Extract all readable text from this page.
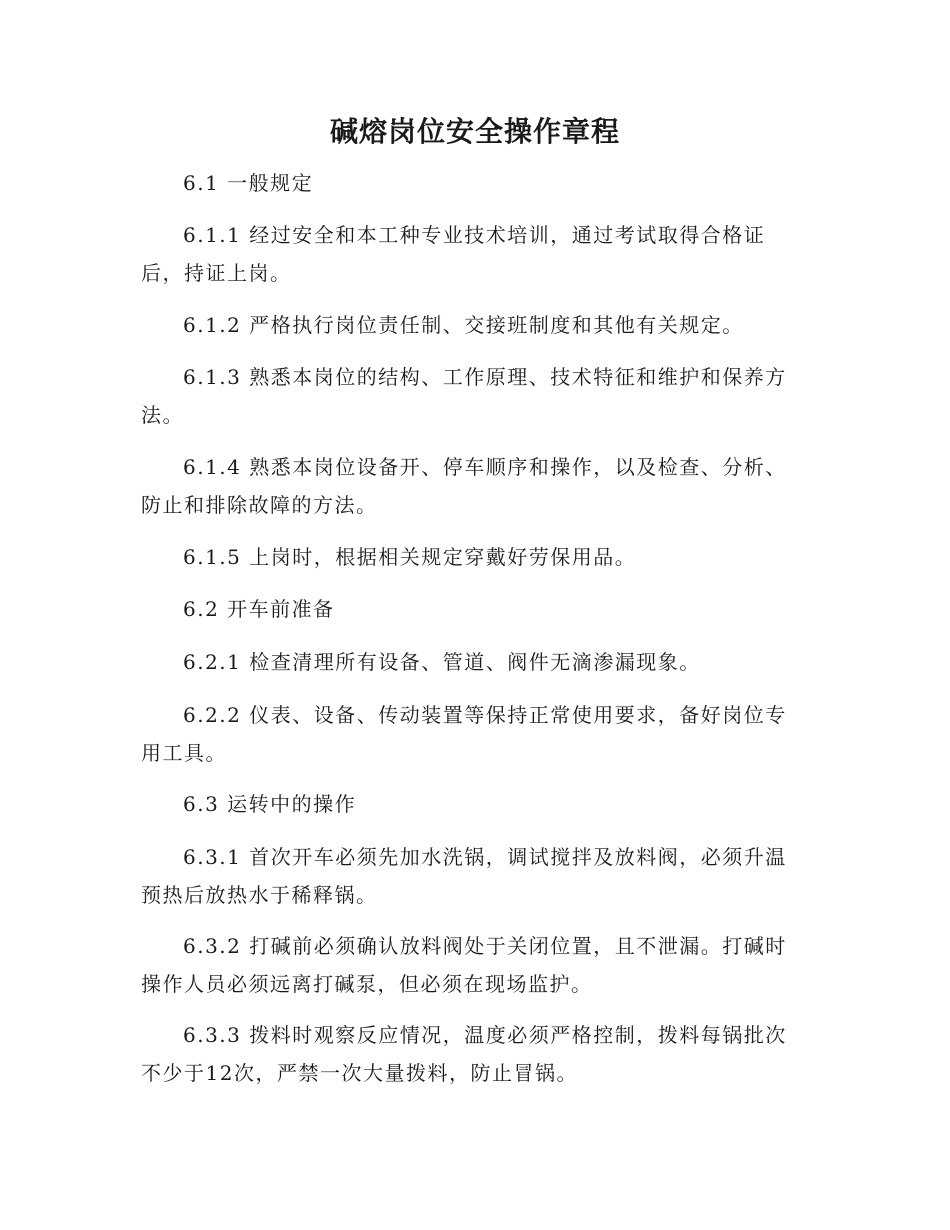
碱熔岗位安全操作章程
6.1 一般规定
6.1.1 经过安全和本工种专业技术培训，通过考试取得合格证后，持证上岗。
6.1.2 严格执行岗位责任制、交接班制度和其他有关规定。
6.1.3 熟悉本岗位的结构、工作原理、技术特征和维护和保养方法。
6.1.4 熟悉本岗位设备开、停车顺序和操作，以及检查、分析、防止和排除故障的方法。
6.1.5 上岗时，根据相关规定穿戴好劳保用品。
6.2 开车前准备
6.2.1 检查清理所有设备、管道、阀件无滴渗漏现象。
6.2.2 仪表、设备、传动装置等保持正常使用要求，备好岗位专用工具。
6.3 运转中的操作
6.3.1 首次开车必须先加水洗锅，调试搅拌及放料阀，必须升温预热后放热水于稀释锅。
6.3.2 打碱前必须确认放料阀处于关闭位置，且不泄漏。打碱时操作人员必须远离打碱泵，但必须在现场监护。
6.3.3 拨料时观察反应情况，温度必须严格控制，拨料每锅批次不少于12次，严禁一次大量拨料，防止冒锅。
